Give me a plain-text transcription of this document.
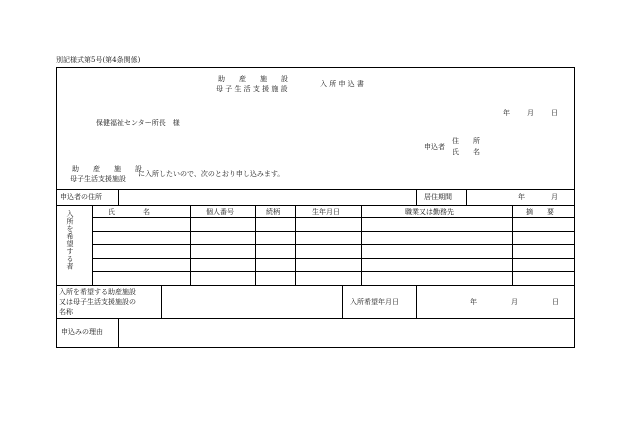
別記様式第5号(第4条関係)
助　　産　　施　　設
母 子 生 活 支 援 施 設
入 所 申 込 書
年 月 日
保健福祉センター所長　様
申込者
住　　所
氏　　名
助　　産　　施　　設
母子生活支援施設
に入所したいので、次のとおり申し込みます。
申込者の住所	居住期間	年	月
入所を希望する者	氏　　　　名	個人番号	続柄	生年月日	職業又は勤務先	摘　　要
入所を希望する助産施設
又は母子生活支援施設の
名称
入所希望年月日	年	月	日
申込みの理由
